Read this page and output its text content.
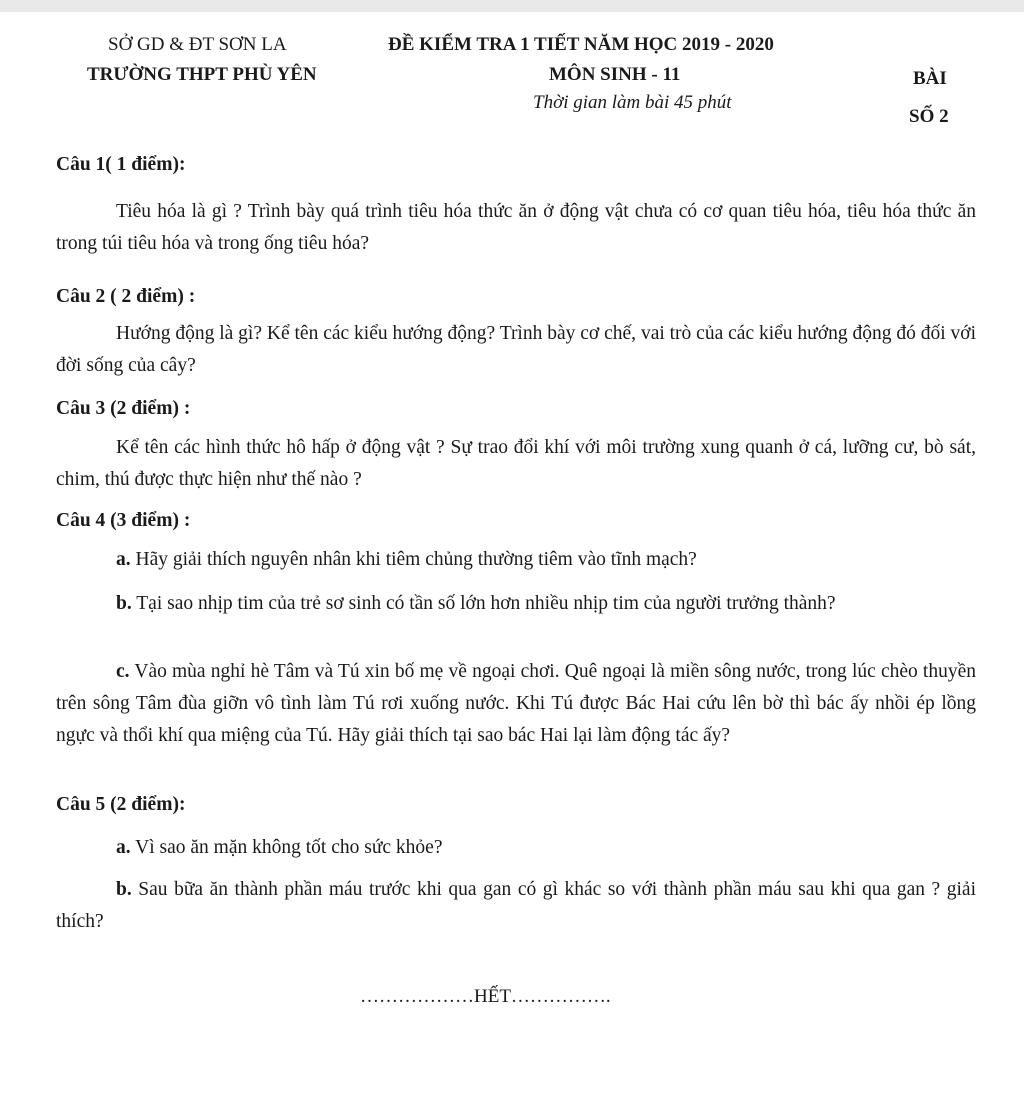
SỞ GD & ĐT SƠN LA
TRƯỜNG THPT PHÙ YÊN
ĐỀ KIỂM TRA 1 TIẾT NĂM HỌC 2019 - 2020
MÔN SINH - 11
Thời gian làm bài 45 phút
BÀI
SỐ 2
Câu 1( 1 điểm):
Tiêu hóa là gì ? Trình bày quá trình tiêu hóa thức ăn ở động vật chưa có cơ quan tiêu hóa, tiêu hóa thức ăn trong túi tiêu hóa và trong ống tiêu hóa?
Câu 2 ( 2 điểm) :
Hướng động là gì? Kể tên các kiểu hướng động? Trình bày cơ chế, vai trò của các kiểu hướng động đó đối với đời sống của cây?
Câu 3 (2 điểm) :
Kể tên các hình thức hô hấp ở động vật ? Sự trao đổi khí với môi trường xung quanh ở cá, lưỡng cư, bò sát, chim, thú được thực hiện như thế nào ?
Câu 4 (3 điểm) :
a. Hãy giải thích nguyên nhân khi tiêm chủng thường tiêm vào tĩnh mạch?
b. Tại sao nhịp tim của trẻ sơ sinh có tần số lớn hơn nhiều nhịp tim của người trưởng thành?
c. Vào mùa nghỉ hè Tâm và Tú xin bố mẹ về ngoại chơi. Quê ngoại là miền sông nước, trong lúc chèo thuyền trên sông Tâm đùa giỡn vô tình làm Tú rơi xuống nước. Khi Tú được Bác Hai cứu lên bờ thì bác ấy nhồi ép lồng ngực và thổi khí qua miệng của Tú. Hãy giải thích tại sao bác Hai lại làm động tác ấy?
Câu 5 (2 điểm):
a. Vì sao ăn mặn không tốt cho sức khỏe?
b. Sau bữa ăn thành phần máu trước khi qua gan có gì khác so với thành phần máu sau khi qua gan ? giải thích?
………………HẾT…………….
